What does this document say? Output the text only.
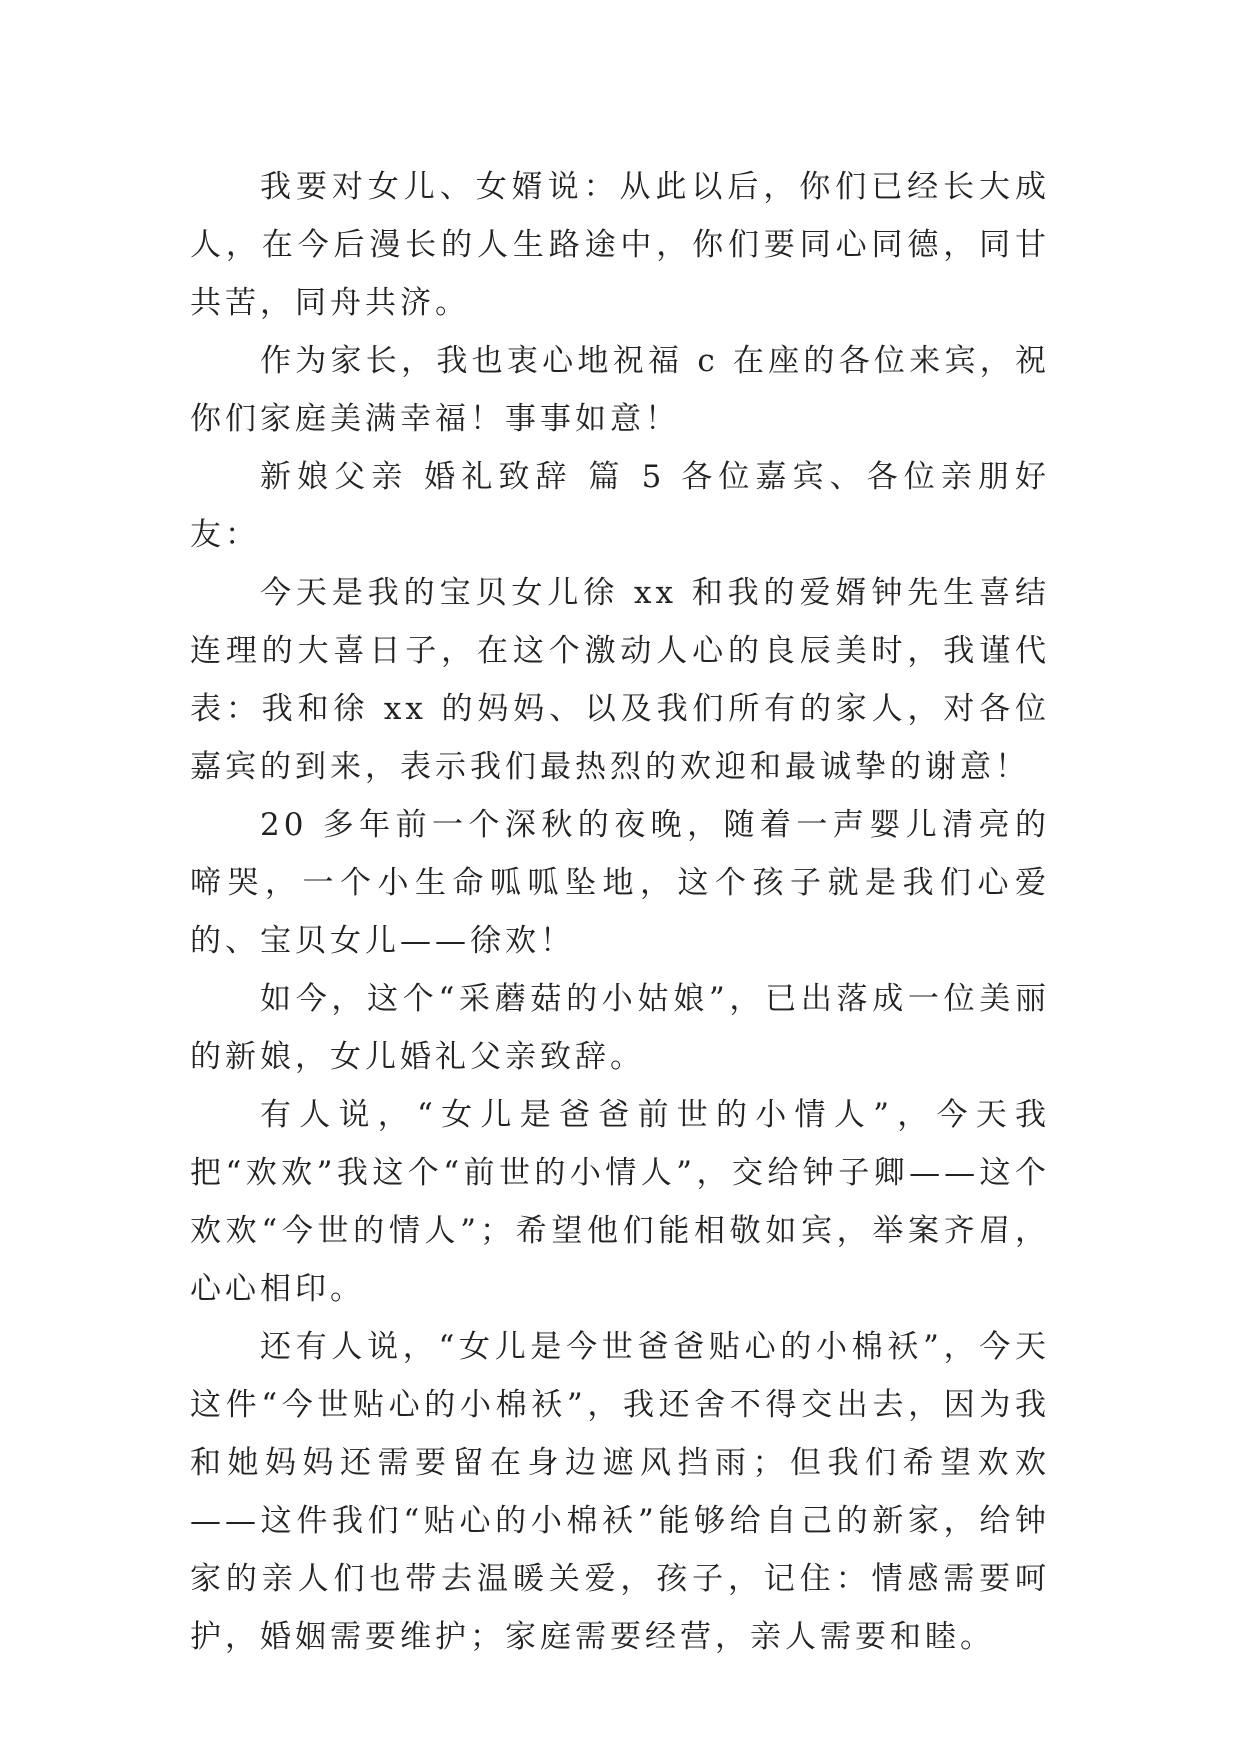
我要对女儿、女婿说：从此以后，你们已经长大成人，在今后漫长的人生路途中，你们要同心同德，同甘共苦，同舟共济。

作为家长，我也衷心地祝福 c 在座的各位来宾，祝你们家庭美满幸福！事事如意！

新娘父亲 婚礼致辞 篇 5 各位嘉宾、各位亲朋好友：

今天是我的宝贝女儿徐 xx 和我的爱婿钟先生喜结连理的大喜日子，在这个激动人心的良辰美时，我谨代表：我和徐 xx 的妈妈、以及我们所有的家人，对各位嘉宾的到来，表示我们最热烈的欢迎和最诚挚的谢意！

20 多年前一个深秋的夜晚，随着一声婴儿清亮的啼哭，一个小生命呱呱坠地，这个孩子就是我们心爱的、宝贝女儿——徐欢！

如今，这个“采蘑菇的小姑娘”，已出落成一位美丽的新娘，女儿婚礼父亲致辞。

有人说，“女儿是爸爸前世的小情人”，今天我把“欢欢”我这个“前世的小情人”，交给钟子卿——这个欢欢“今世的情人”；希望他们能相敬如宾，举案齐眉，心心相印。

还有人说，“女儿是今世爸爸贴心的小棉袄”，今天这件“今世贴心的小棉袄”，我还舍不得交出去，因为我和她妈妈还需要留在身边遮风挡雨；但我们希望欢欢——这件我们“贴心的小棉袄”能够给自己的新家，给钟家的亲人们也带去温暖关爱，孩子，记住：情感需要呵护，婚姻需要维护；家庭需要经营，亲人需要和睦。
